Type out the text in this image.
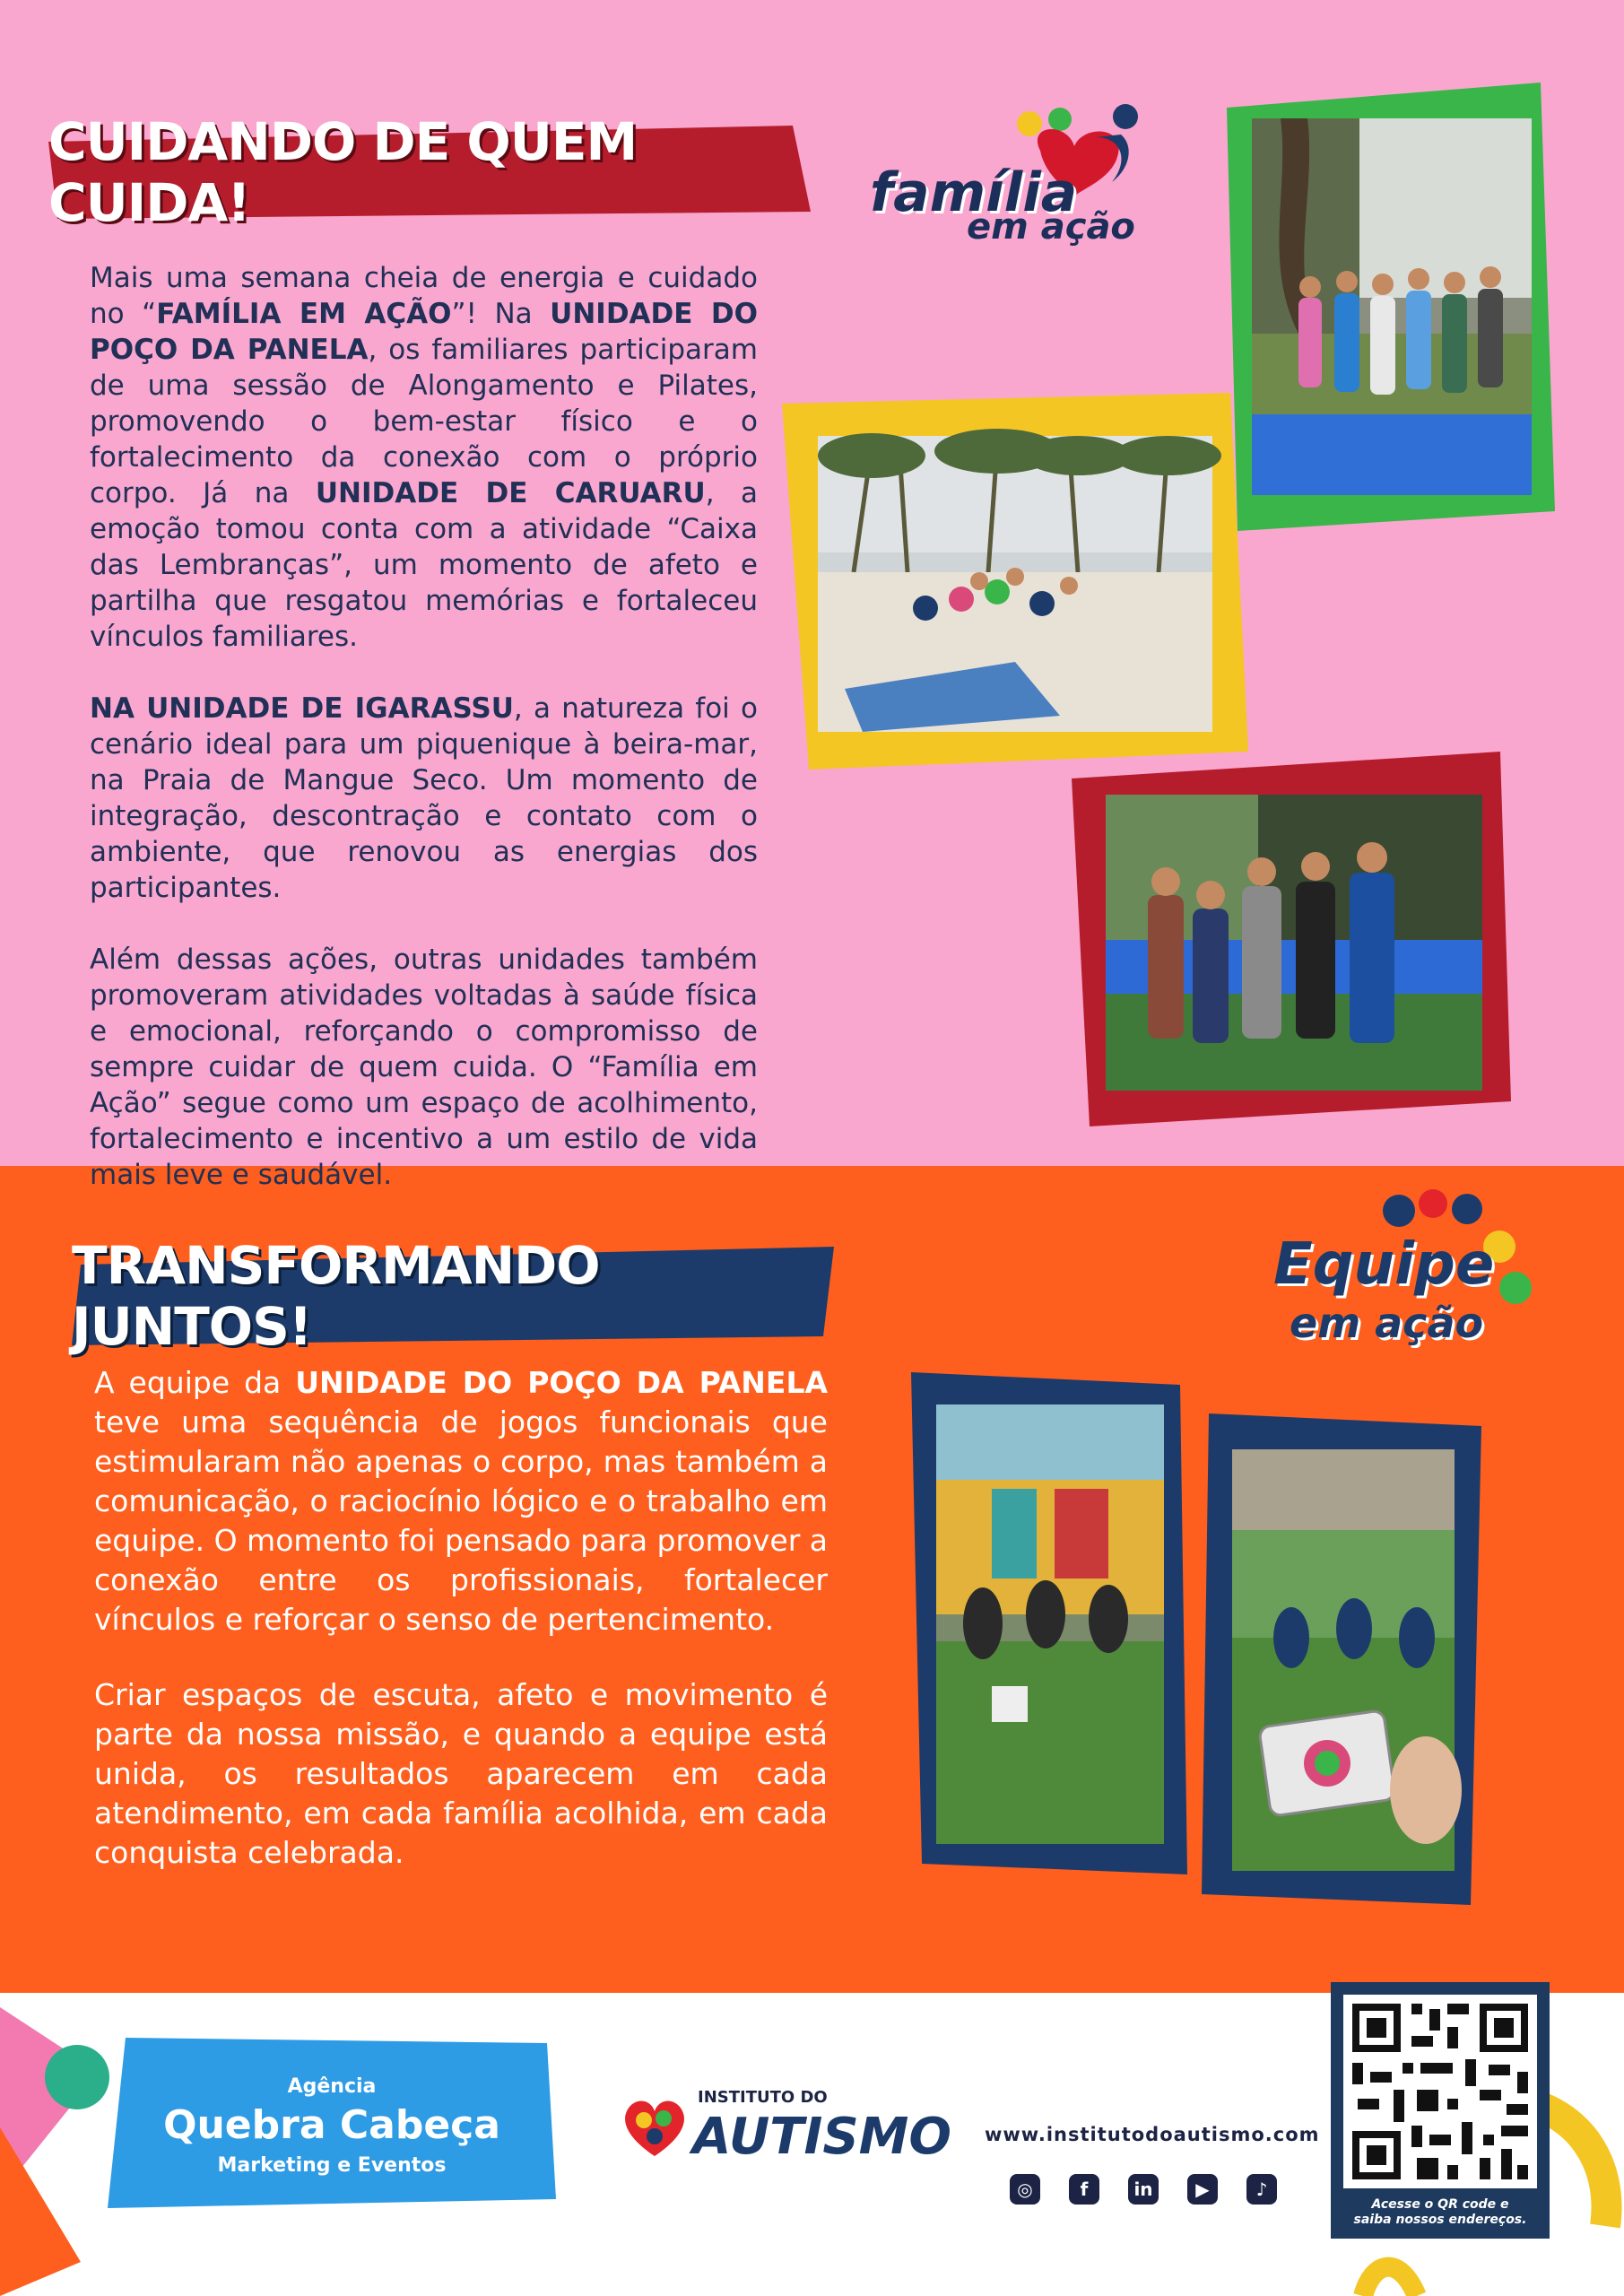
CUIDANDO DE QUEM CUIDA!	família
em ação

Mais uma semana cheia de energia e cuidado no “FAMÍLIA EM AÇÃO”! Na UNIDADE DO POÇO DA PANELA, os familiares participaram de uma sessão de Alongamento e Pilates, promovendo o bem-estar físico e o fortalecimento da conexão com o próprio corpo. Já na UNIDADE DE CARUARU, a emoção tomou conta com a atividade “Caixa das Lembranças”, um momento de afeto e partilha que resgatou memórias e fortaleceu vínculos familiares.

NA UNIDADE DE IGARASSU, a natureza foi o cenário ideal para um piquenique à beira-mar, na Praia de Mangue Seco. Um momento de integração, descontração e contato com o ambiente, que renovou as energias dos participantes.

Além dessas ações, outras unidades também promoveram atividades voltadas à saúde física e emocional, reforçando o compromisso de sempre cuidar de quem cuida. O “Família em Ação” segue como um espaço de acolhimento, fortalecimento e incentivo a um estilo de vida mais leve e saudável.

TRANSFORMANDO JUNTOS!
Equipe
em ação

A equipe da UNIDADE DO POÇO DA PANELA teve uma sequência de jogos funcionais que estimularam não apenas o corpo, mas também a comunicação, o raciocínio lógico e o trabalho em equipe. O momento foi pensado para promover a conexão entre os profissionais, fortalecer vínculos e reforçar o senso de pertencimento.

Criar espaços de escuta, afeto e movimento é parte da nossa missão, e quando a equipe está unida, os resultados aparecem em cada atendimento, em cada família acolhida, em cada conquista celebrada.

Agência
Quebra Cabeça
Marketing e Eventos
INSTITUTO DO
AUTISMO www.institutodoautismo.com
◎	f	in	▶	♪
Acesse o QR code e
saiba nossos endereços.
